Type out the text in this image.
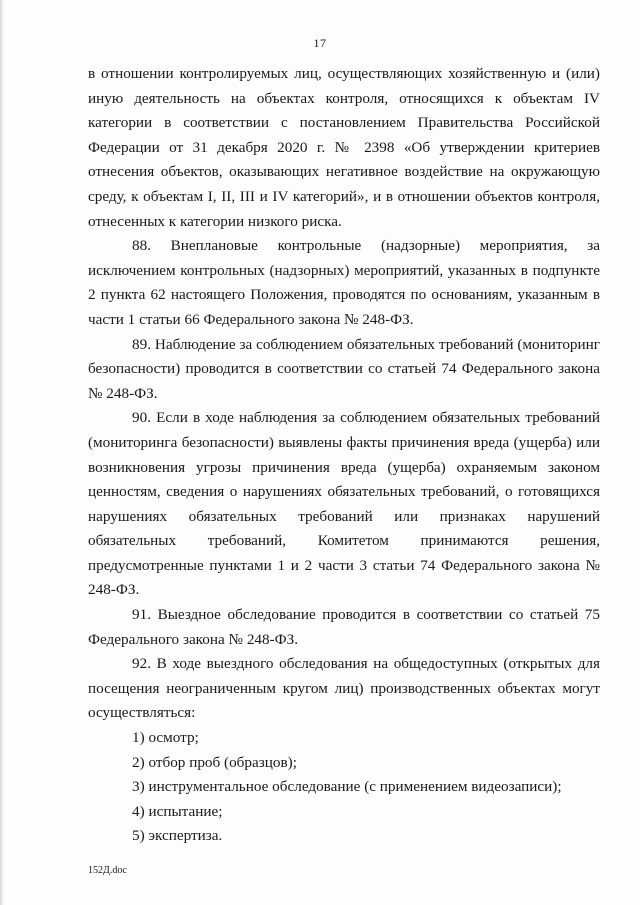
17

в отношении контролируемых лиц, осуществляющих хозяйственную и (или) иную деятельность на объектах контроля, относящихся к объектам IV категории в соответствии с постановлением Правительства Российской Федерации от 31 декабря 2020 г. № 2398 «Об утверждении критериев отнесения объектов, оказывающих негативное воздействие на окружающую среду, к объектам I, II, III и IV категорий», и в отношении объектов контроля, отнесенных к категории низкого риска.

88. Внеплановые контрольные (надзорные) мероприятия, за исключением контрольных (надзорных) мероприятий, указанных в подпункте 2 пункта 62 настоящего Положения, проводятся по основаниям, указанным в части 1 статьи 66 Федерального закона № 248-ФЗ.

89. Наблюдение за соблюдением обязательных требований (мониторинг безопасности) проводится в соответствии со статьей 74 Федерального закона № 248-ФЗ.

90. Если в ходе наблюдения за соблюдением обязательных требований (мониторинга безопасности) выявлены факты причинения вреда (ущерба) или возникновения угрозы причинения вреда (ущерба) охраняемым законом ценностям, сведения о нарушениях обязательных требований, о готовящихся нарушениях обязательных требований или признаках нарушений обязательных требований, Комитетом принимаются решения, предусмотренные пунктами 1 и 2 части 3 статьи 74 Федерального закона № 248-ФЗ.

91. Выездное обследование проводится в соответствии со статьей 75 Федерального закона № 248-ФЗ.

92. В ходе выездного обследования на общедоступных (открытых для посещения неограниченным кругом лиц) производственных объектах могут осуществляться:

1) осмотр;

2) отбор проб (образцов);

3) инструментальное обследование (с применением видеозаписи);

4) испытание;

5) экспертиза.

152Д.doc
